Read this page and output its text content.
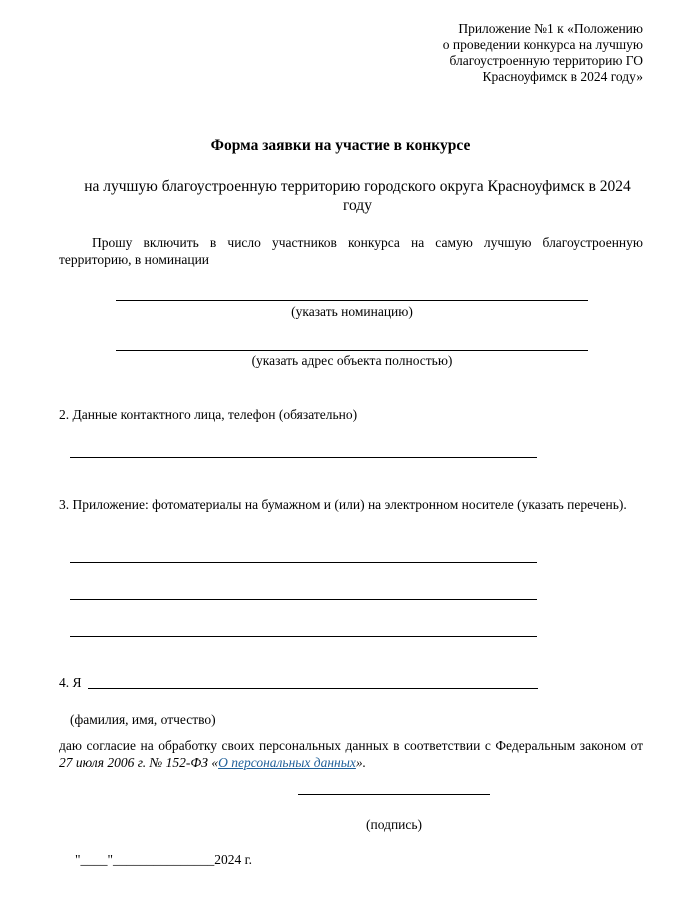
Приложение №1 к «Положению
о проведении конкурса на лучшую
благоустроенную территорию ГО
Красноуфимск в 2024 году»
Форма заявки на участие в конкурсе
на лучшую благоустроенную территорию городского округа Красноуфимск в 2024 году
Прошу включить в число участников конкурса на самую лучшую благоустроенную территорию, в номинации
(указать номинацию)
(указать адрес объекта полностью)
2. Данные контактного лица, телефон (обязательно)
3. Приложение: фотоматериалы на бумажном и (или) на электронном носителе (указать перечень).
4. Я
(фамилия, имя, отчество)
даю согласие на обработку своих персональных данных в соответствии с Федеральным законом от 27 июля 2006 г. № 152-ФЗ «О персональных данных».
(подпись)
"____"_______________2024 г.
